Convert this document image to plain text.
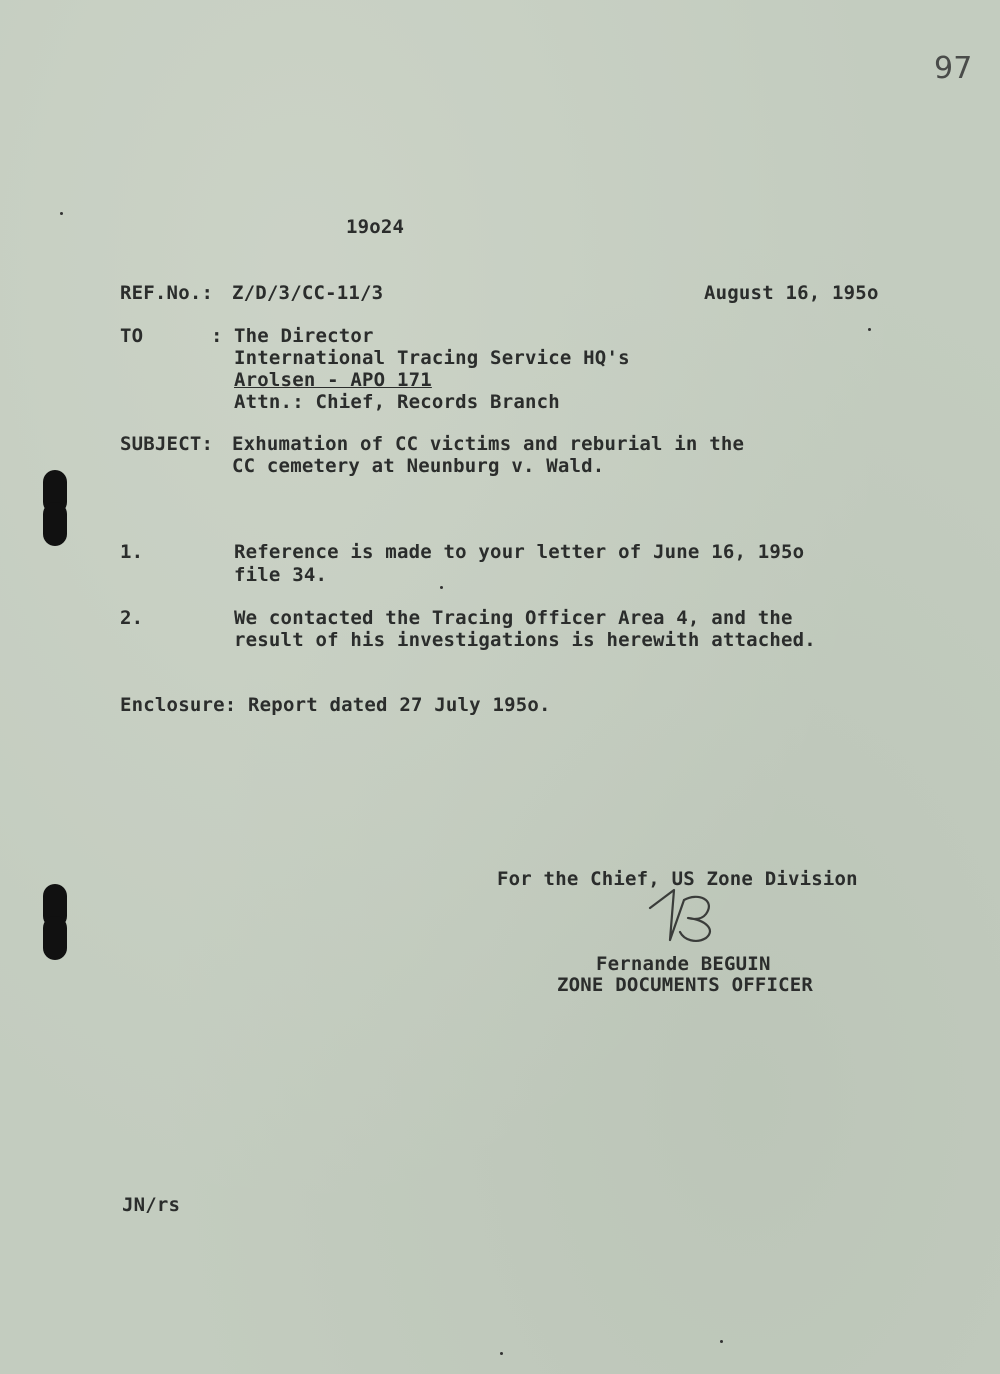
97
19o24
REF.No.: Z/D/3/CC-11/3	August 16, 195o
TO	: The Director
International Tracing Service HQ's
Arolsen - APO 171
Attn.: Chief, Records Branch
SUBJECT: Exhumation of CC victims and reburial in the
CC cemetery at Neunburg v. Wald.
1.	Reference is made to your letter of June 16, 195o
file 34.
2.	We contacted the Tracing Officer Area 4, and the
result of his investigations is herewith attached.
Enclosure: Report dated 27 July 195o.
For the Chief, US Zone Division
Fernande BEGUIN
ZONE DOCUMENTS OFFICER
JN/rs
